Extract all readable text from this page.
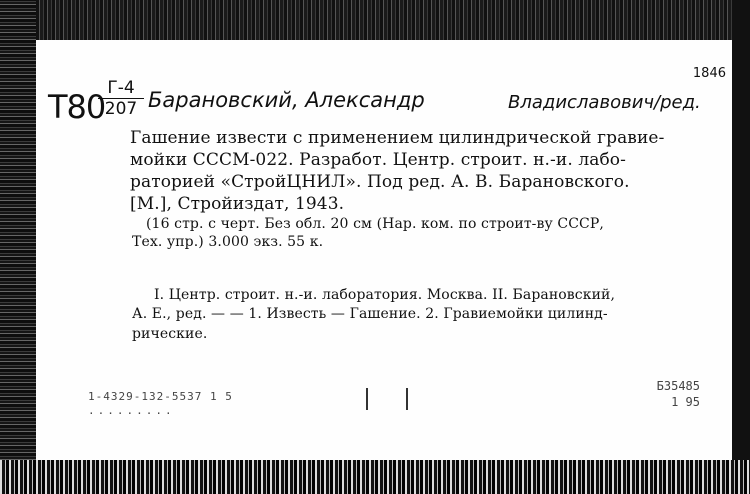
Т80 Г-4
207
1846
Барановский, Александр	Владиславович/ред.
Гашение извести с применением цилиндрической гравие-
мойки СССМ-022. Разработ. Центр. строит. н.-и. лабо-
раторией «СтройЦНИЛ». Под ред. А. В. Барановского.
[М.], Стройиздат, 1943.
(16 стр. с черт. Без обл. 20 см (Нар. ком. по строит-ву СССР,
Тех. упр.) 3.000 экз. 55 к.
I. Центр. строит. н.-и. лаборатория. Москва. II. Барановский,
А. Е., ред. — — 1. Известь — Гашение. 2. Гравиемойки цилинд-
рические.
1-4329-132-5537 1 5
·········
Б35485
1 95
